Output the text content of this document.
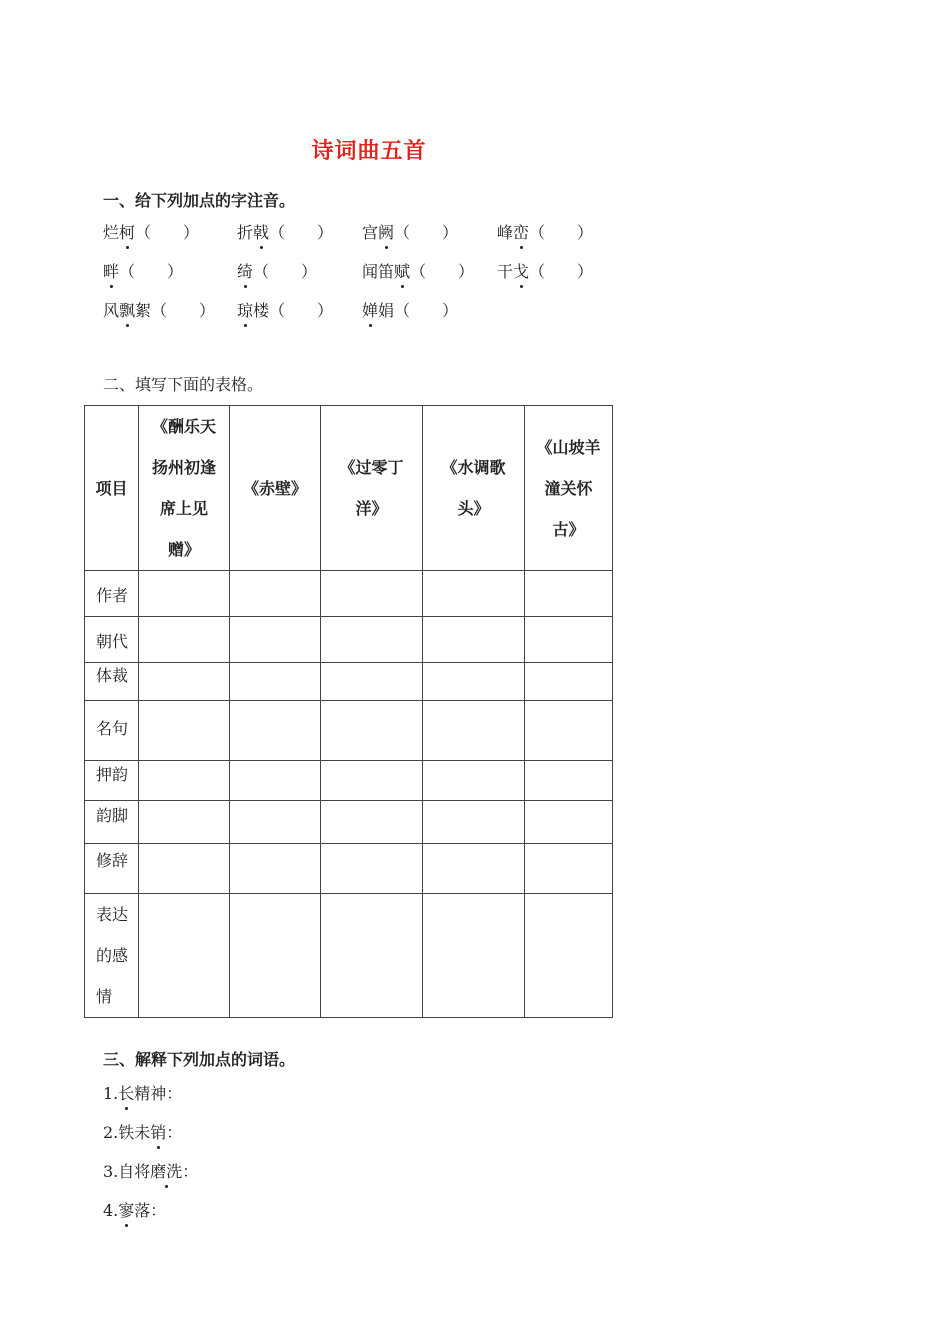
诗词曲五首
一、给下列加点的字注音。
烂柯（　　） 折戟（　　） 宫阙（　　） 峰峦（　　）
畔（　　）	绮（　　）	闻笛赋（　　） 干戈（　　）
风飘絮（　　） 琼楼（　　） 婵娟（　　）
二、填写下面的表格。
项目	《酬乐天
扬州初逢
席上见
赠》	《赤壁》	《过零丁
洋》	《水调歌
头》	《山坡羊
潼关怀
古》

作者					
朝代					
体裁					
名句					
押韵					
韵脚					
修辞					

表达
的感
情					

三、解释下列加点的词语。
1.长精神：
2.铁未销：
3.自将磨洗：
4.寥落：
